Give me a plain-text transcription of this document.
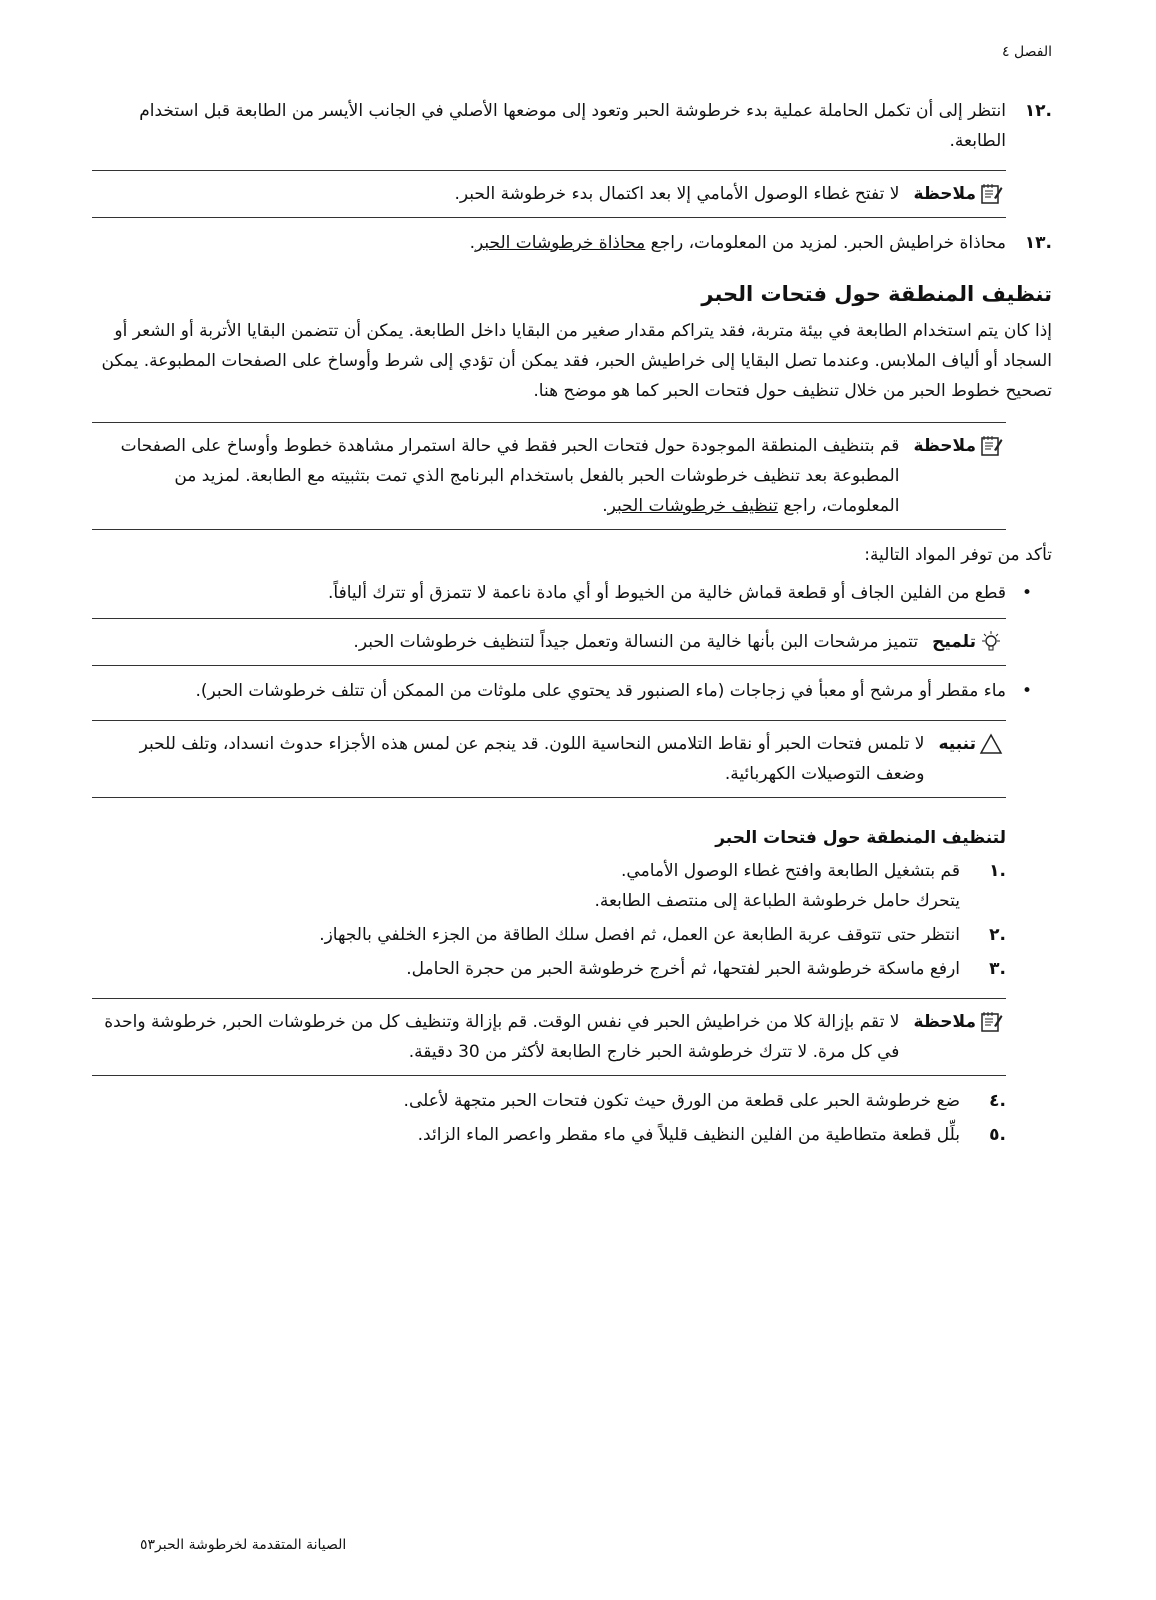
الفصل ٤
.١٢

انتظر إلى أن تكمل الحاملة عملية بدء خرطوشة الحبر وتعود إلى موضعها الأصلي في الجانب الأيسر من الطابعة قبل استخدام الطابعة.

ملاحظة

لا تفتح غطاء الوصول الأمامي إلا بعد اكتمال بدء خرطوشة الحبر.

.١٣

محاذاة خراطيش الحبر. لمزيد من المعلومات، راجع محاذاة خرطوشات الحبر.

تنظيف المنطقة حول فتحات الحبر

إذا كان يتم استخدام الطابعة في بيئة متربة، فقد يتراكم مقدار صغير من البقايا داخل الطابعة. يمكن أن تتضمن البقايا الأتربة أو الشعر أو السجاد أو ألياف الملابس. وعندما تصل البقايا إلى خراطيش الحبر، فقد يمكن أن تؤدي إلى شرط وأوساخ على الصفحات المطبوعة. يمكن تصحيح خطوط الحبر من خلال تنظيف حول فتحات الحبر كما هو موضح هنا.

ملاحظة

قم بتنظيف المنطقة الموجودة حول فتحات الحبر فقط في حالة استمرار مشاهدة خطوط وأوساخ على الصفحات المطبوعة بعد تنظيف خرطوشات الحبر بالفعل باستخدام البرنامج الذي تمت بتثبيته مع الطابعة. لمزيد من المعلومات، راجع تنظيف خرطوشات الحبر.

تأكد من توفر المواد التالية:

•

قطع من الفلين الجاف أو قطعة قماش خالية من الخيوط أو أي مادة ناعمة لا تتمزق أو تترك أليافاً.

تلميح

تتميز مرشحات البن بأنها خالية من النسالة وتعمل جيداً لتنظيف خرطوشات الحبر.

•

ماء مقطر أو مرشح أو معبأ في زجاجات (ماء الصنبور قد يحتوي على ملوثات من الممكن أن تتلف خرطوشات الحبر).

تنبيه

لا تلمس فتحات الحبر أو نقاط التلامس النحاسية اللون. قد ينجم عن لمس هذه الأجزاء حدوث انسداد، وتلف للحبر وضعف التوصيلات الكهربائية.

لتنظيف المنطقة حول فتحات الحبر
.١

قم بتشغيل الطابعة وافتح غطاء الوصول الأمامي.

يتحرك حامل خرطوشة الطباعة إلى منتصف الطابعة.

.٢

انتظر حتى تتوقف عربة الطابعة عن العمل، ثم افصل سلك الطاقة من الجزء الخلفي بالجهاز.

.٣

ارفع ماسكة خرطوشة الحبر لفتحها، ثم أخرج خرطوشة الحبر من حجرة الحامل.

ملاحظة

لا تقم بإزالة كلا من خراطيش الحبر في نفس الوقت. قم بإزالة وتنظيف كل من خرطوشات الحبر, خرطوشة واحدة في كل مرة. لا تترك خرطوشة الحبر خارج الطابعة لأكثر من 30 دقيقة.

.٤

ضع خرطوشة الحبر على قطعة من الورق حيث تكون فتحات الحبر متجهة لأعلى.

.٥

بلِّل قطعة متطاطية من الفلين النظيف قليلاً في ماء مقطر واعصر الماء الزائد.

الصيانة المتقدمة لخرطوشة الحبر
٥٣
